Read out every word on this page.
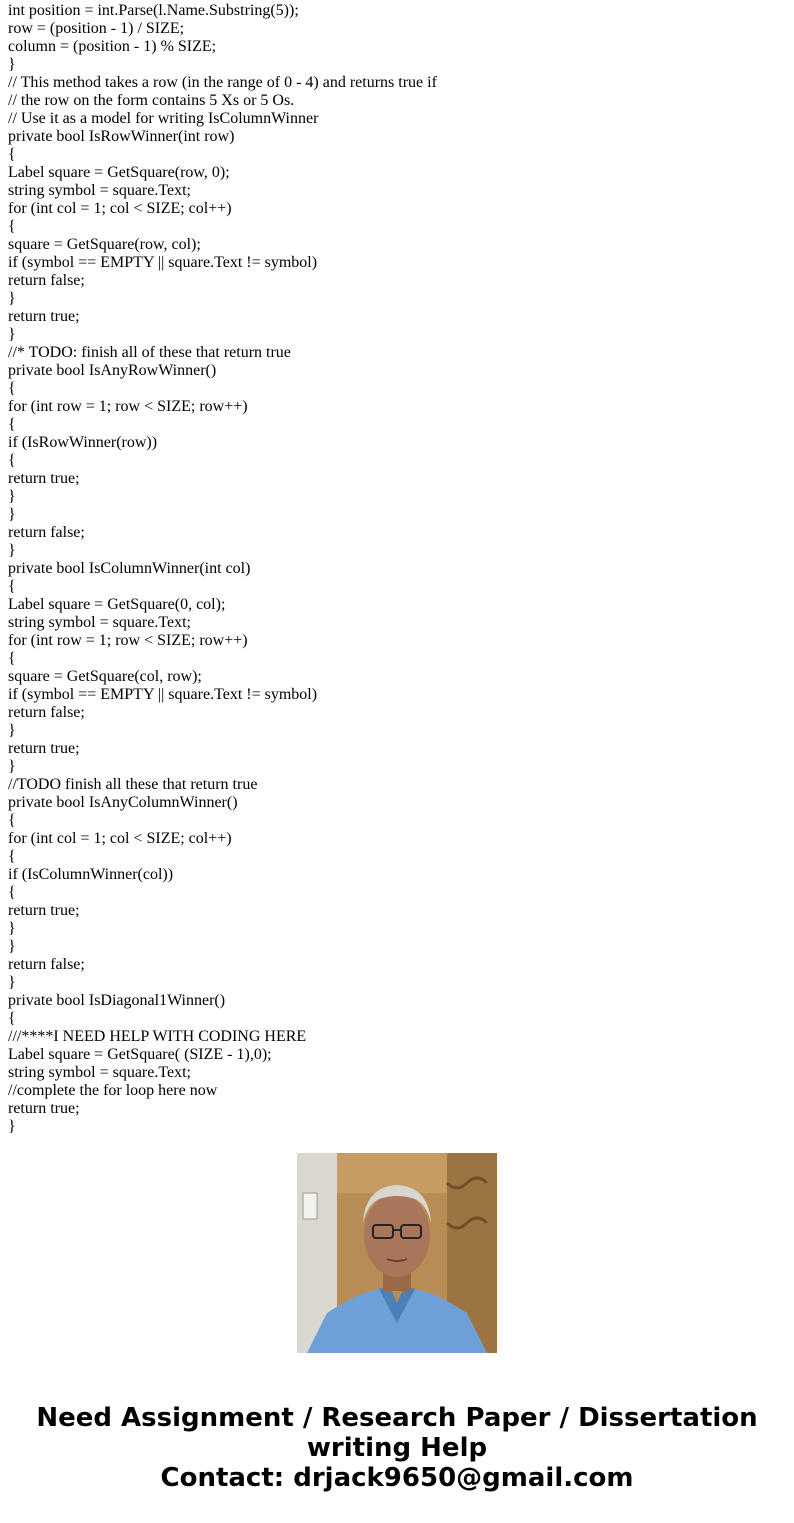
int position = int.Parse(l.Name.Substring(5));
row = (position - 1) / SIZE;
column = (position - 1) % SIZE;
}
// This method takes a row (in the range of 0 - 4) and returns true if
// the row on the form contains 5 Xs or 5 Os.
// Use it as a model for writing IsColumnWinner
private bool IsRowWinner(int row)
{
Label square = GetSquare(row, 0);
string symbol = square.Text;
for (int col = 1; col < SIZE; col++)
{
square = GetSquare(row, col);
if (symbol == EMPTY || square.Text != symbol)
return false;
}
return true;
}
//* TODO: finish all of these that return true
private bool IsAnyRowWinner()
{
for (int row = 1; row < SIZE; row++)
{
if (IsRowWinner(row))
{
return true;
}
}
return false;
}
private bool IsColumnWinner(int col)
{
Label square = GetSquare(0, col);
string symbol = square.Text;
for (int row = 1; row < SIZE; row++)
{
square = GetSquare(col, row);
if (symbol == EMPTY || square.Text != symbol)
return false;
}
return true;
}
//TODO finish all these that return true
private bool IsAnyColumnWinner()
{
for (int col = 1; col < SIZE; col++)
{
if (IsColumnWinner(col))
{
return true;
}
}
return false;
}
private bool IsDiagonal1Winner()
{
///****I NEED HELP WITH CODING HERE
Label square = GetSquare( (SIZE - 1),0);
string symbol = square.Text;
//complete the for loop here now
return true;
}
Need Assignment / Research Paper / Dissertation
writing Help
Contact: drjack9650@gmail.com
